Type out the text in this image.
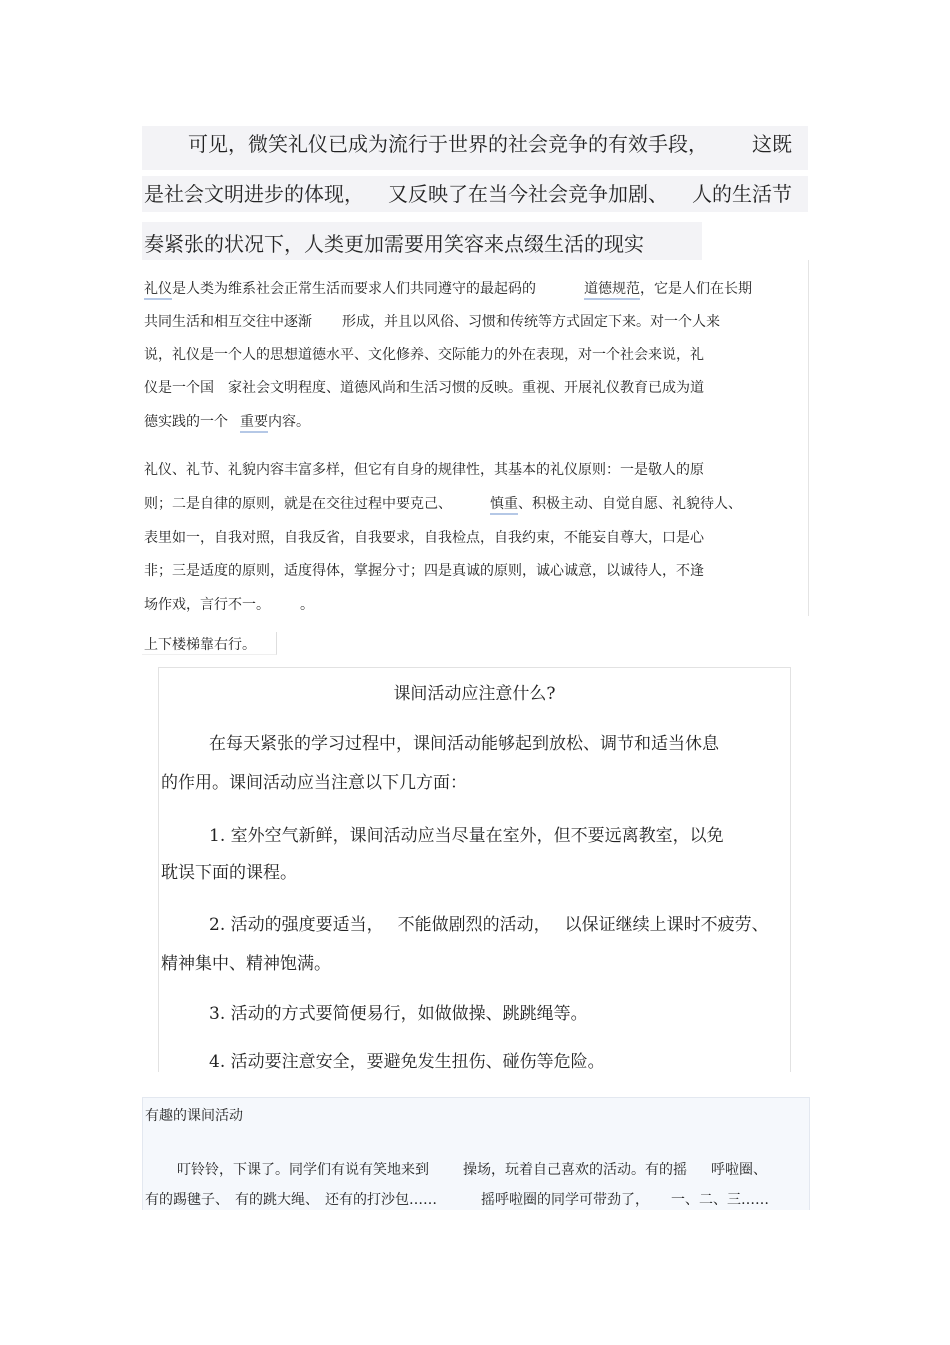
可见，微笑礼仪已成为流行于世界的社会竞争的有效手段， 这既
是社会文明进步的体现， 又反映了在当今社会竞争加剧、 人的生活节
奏紧张的状况下，人类更加需要用笑容来点缀生活的现实
礼仪是人类为维系社会正常生活而要求人们共同遵守的最起码的	道德规范，它是人们在长期
共同生活和相互交往中逐渐 形成，并且以风俗、习惯和传统等方式固定下来。对一个人来
说，礼仪是一个人的思想道德水平、文化修养、交际能力的外在表现，对一个社会来说，礼
仪是一个国 家社会文明程度、道德风尚和生活习惯的反映。重视、开展礼仪教育已成为道
德实践的一个 重要内容。
礼仪、礼节、礼貌内容丰富多样，但它有自身的规律性，其基本的礼仪原则：一是敬人的原
则；二是自律的原则，就是在交往过程中要克己、	慎重、积极主动、自觉自愿、礼貌待人、
表里如一，自我对照，自我反省，自我要求，自我检点，自我约束，不能妄自尊大，口是心
非；三是适度的原则，适度得体，掌握分寸；四是真诚的原则，诚心诚意，以诚待人，不逢
场作戏，言行不一。 。
上下楼梯靠右行。
课间活动应注意什么?
在每天紧张的学习过程中，课间活动能够起到放松、调节和适当休息
的作用。课间活动应当注意以下几方面：
1. 室外空气新鲜，课间活动应当尽量在室外，但不要远离教室，以免
耽误下面的课程。
2. 活动的强度要适当， 不能做剧烈的活动， 以保证继续上课时不疲劳、
精神集中、精神饱满。
3. 活动的方式要简便易行，如做做操、跳跳绳等。
4. 活动要注意安全，要避免发生扭伤、碰伤等危险。
有趣的课间活动
叮铃铃，下课了。同学们有说有笑地来到 操场，玩着自己喜欢的活动。有的摇 呼啦圈、
有的踢毽子、 有的跳大绳、 还有的打沙包……	摇呼啦圈的同学可带劲了， 一、二、三……
